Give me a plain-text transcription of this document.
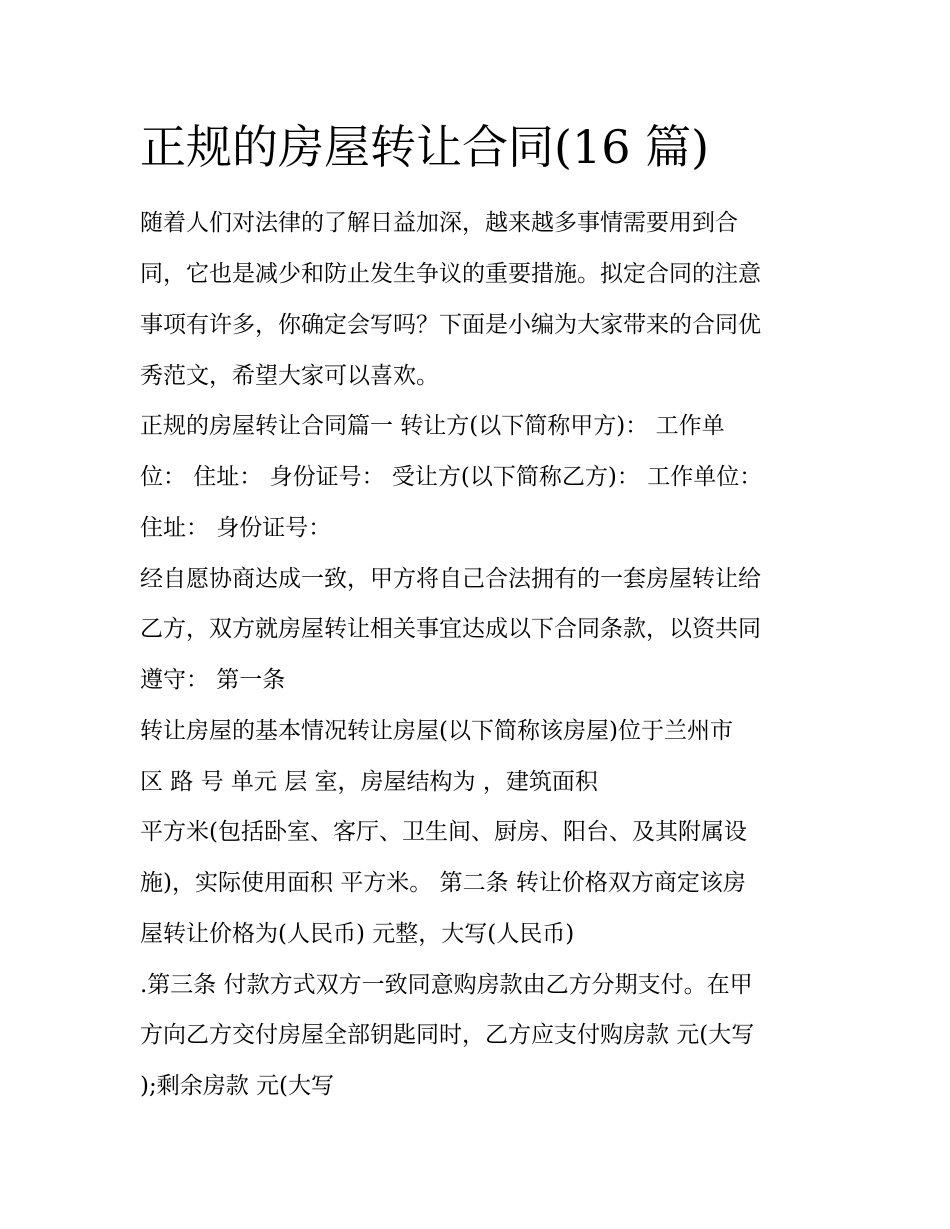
正规的房屋转让合同(16 篇)

随着人们对法律的了解日益加深，越来越多事情需要用到合

同，它也是减少和防止发生争议的重要措施。拟定合同的注意

事项有许多，你确定会写吗？下面是小编为大家带来的合同优

秀范文，希望大家可以喜欢。

正规的房屋转让合同篇一 转让方(以下简称甲方)： 工作单

位： 住址： 身份证号： 受让方(以下简称乙方)： 工作单位：

住址： 身份证号：

经自愿协商达成一致，甲方将自己合法拥有的一套房屋转让给

乙方，双方就房屋转让相关事宜达成以下合同条款，以资共同

遵守： 第一条

转让房屋的基本情况转让房屋(以下简称该房屋)位于兰州市

区 路 号 单元 层 室，房屋结构为 ，建筑面积

平方米(包括卧室、客厅、卫生间、厨房、阳台、及其附属设

施)，实际使用面积 平方米。 第二条 转让价格双方商定该房

屋转让价格为(人民币) 元整，大写(人民币)

.第三条 付款方式双方一致同意购房款由乙方分期支付。在甲

方向乙方交付房屋全部钥匙同时，乙方应支付购房款 元(大写

);剩余房款 元(大写
